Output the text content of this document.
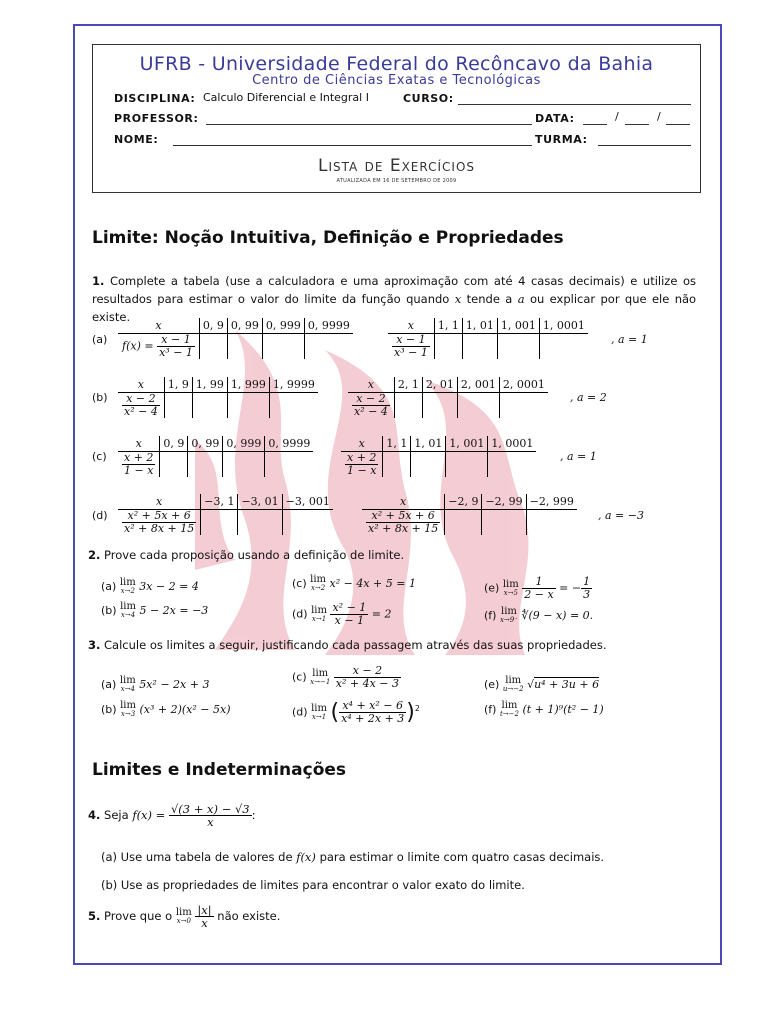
UFRB - Universidade Federal do Recôncavo da Bahia
Centro de Ciências Exatas e Tecnológicas
DISCIPLINA: Calculo Diferencial e Integral I	CURSO:
PROFESSOR:	DATA:	/	/
NOME:	TURMA:
Lista de Exercícios
ATUALIZADA EM 16 DE SETEMBRO DE 2009
Limite: Noção Intuitiva, Definição e Propriedades
1. Complete a tabela (use a calculadora e uma aproximação com até 4 casas decimais) e utilize os resultados para estimar o valor do limite da função quando x tende a a ou explicar por que ele não existe.
(a)
x	0, 9	0, 99	0, 999	0, 9999
$f(x) = \frac{x - 1}{\text{x³ − 1}}$

x	1, 1	1, 01	1, 001	1, 0001

$\frac{x - 1}{\text{x³ − 1}}$
					, a = 1
(b)
x	1, 9	1, 99	1, 999	1, 9999

$\frac{x - 2}{\text{x² − 4}}$

x	2, 1	2, 01	2, 001	2, 0001

$\frac{x - 2}{\text{x² − 4}}$
					, a = 2
(c)
x	0, 9	0, 99	0, 999	0, 9999

$\frac{x + 2}{1 - x}$

x	1, 1	1, 01	1, 001	1, 0001

$\frac{x + 2}{1 - x}$
					, a = 1
(d)
x	−3, 1	−3, 01	−3, 001

$\frac{\text{x² + 5x + 6}}{\text{x² + 8x + 15}}$

x	−2, 9	−2, 99	−2, 999

$\frac{\text{x² + 5x + 6}}{\text{x² + 8x + 15}}$
				, a = −3
2. Prove cada proposição usando a definição de limite.
(a) lim
x→2 3x − 2 = 4
(b) lim
x→4 5 − 2x = −3
(c) lim
x→2 x² − 4x + 5 = 1
(d) lim
x→1
$\frac{\text{x² − 1}}{x - 1} = 2$
(e) lim
x→5
$\frac{1}{2 - x}$ = − $\frac{1}{3}$
(f) lim
x→9⁻ ∜(9 − x) = 0.
3. Calcule os limites a seguir, justificando cada passagem através das suas propriedades.
(a) lim
x→4 5x² − 2x + 3
(b) lim
x→3 (x³ + 2)(x² − 5x)
(c) lim
x→−1
$\frac{x - 2}{\text{x² + 4x − 3}}$
(d) lim
x→1 ( $\frac{\text{x⁴ + x² − 6}}{\text{x⁴ + 2x + 3}} )^2$
(e) lim
u→−2 √u⁴ + 3u + 6
(f) lim
t→−2 (t + 1)⁹(t² − 1)
Limites e Indeterminações
4. Seja $f(x) = \frac{√(3 + x) - √3}{x}$ :
(a) Use uma tabela de valores de f(x) para estimar o limite com quatro casas decimais.
(b) Use as propriedades de limites para encontrar o valor exato do limite.
5. Prove que o lim
x→0
$\frac{|x|}{x}$ não existe.
